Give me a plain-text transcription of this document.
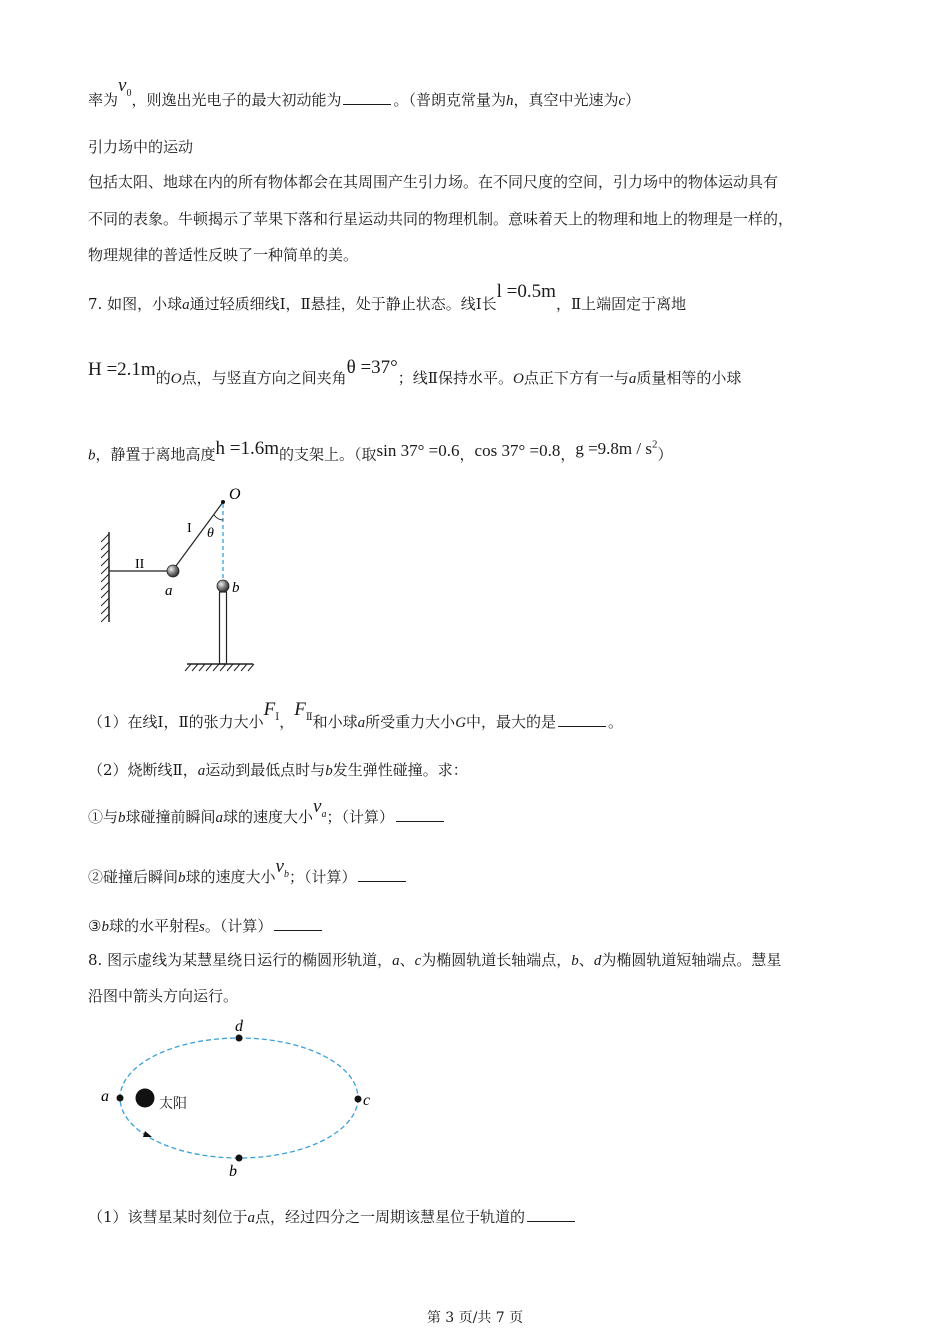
率为$\nu_0$，则逸出光电子的最大初动能为	。（普朗克常量为h，真空中光速为c）
引力场中的运动
包括太阳、地球在内的所有物体都会在其周围产生引力场。在不同尺度的空间，引力场中的物体运动具有
不同的表象。牛顿揭示了苹果下落和行星运动共同的物理机制。意味着天上的物理和地上的物理是一样的，
物理规律的普适性反映了一种简单的美。
7. 如图，小球a通过轻质细线Ⅰ，Ⅱ悬挂，处于静止状态。线Ⅰ长l =0.5m，Ⅱ上端固定于离地
H =2.1m的O点，与竖直方向之间夹角θ =37°；线Ⅱ保持水平。O点正下方有一与a质量相等的小球
b，静置于离地高度h =1.6m的支架上。（取sin 37° =0.6，cos 37° =0.8，$g =9.8m / s^2$）
II
I
O
θ
a	b
（1）在线Ⅰ，Ⅱ的张力大小$F_Ⅰ$，$F_Ⅱ$和小球a所受重力大小G中，最大的是	。
（2）烧断线Ⅱ，a运动到最低点时与b发生弹性碰撞。求：
①与b球碰撞前瞬间a球的速度大小$v_a$；（计算）
②碰撞后瞬间b球的速度大小$v_b$；（计算）
③b球的水平射程s。（计算）
8. 图示虚线为某慧星绕日运行的椭圆形轨道，a、c为椭圆轨道长轴端点，b、d为椭圆轨道短轴端点。慧星
沿图中箭头方向运行。
太阳
a	c
d
b
（1）该彗星某时刻位于a点，经过四分之一周期该慧星位于轨道的
第 3 页/共 7 页
